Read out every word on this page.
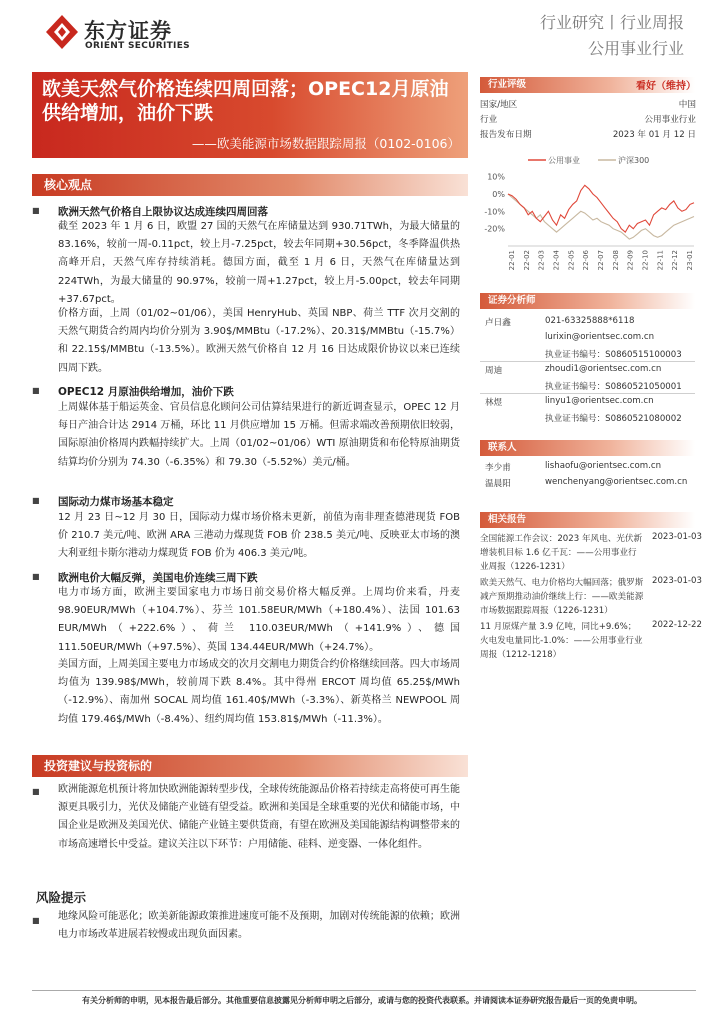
东方证券
ORIENT SECURITIES
行业研究丨行业周报
公用事业行业
欧美天然气价格连续四周回落；OPEC12月原油供给增加，油价下跌
——欧美能源市场数据跟踪周报（0102-0106）
核心观点
■ 欧洲天然气价格自上限协议达成连续四周回落
截至 2023 年 1 月 6 日，欧盟 27 国的天然气在库储量达到 930.71TWh，为最大储量的 83.16%，较前一周-0.11pct，较上月-7.25pct，较去年同期+30.56pct，冬季降温供热高峰开启，天然气库存持续消耗。德国方面，截至 1 月 6 日，天然气在库储量达到 224TWh，为最大储量的 90.97%，较前一周+1.27pct，较上月-5.00pct，较去年同期+37.67pct。
价格方面，上周（01/02~01/06），美国 HenryHub、英国 NBP、荷兰 TTF 次月交割的天然气期货合约周内均价分别为 3.90$/MMBtu（-17.2%）、20.31$/MMBtu（-15.7%）和 22.15$/MMBtu（-13.5%）。欧洲天然气价格自 12 月 16 日达成限价协议以来已连续四周下跌。
■ OPEC12 月原油供给增加，油价下跌
上周媒体基于船运英金、官员信息化顾问公司估算结果进行的新近调查显示，OPEC 12 月每日产油合计达 2914 万桶，环比 11 月供应增加 15 万桶。但需求端改善预期依旧较弱，国际原油价格周内跌幅持续扩大。上周（01/02~01/06）WTI 原油期货和布伦特原油期货结算均价分别为 74.30（-6.35%）和 79.30（-5.52%）美元/桶。
■ 国际动力煤市场基本稳定
12 月 23 日~12 月 30 日，国际动力煤市场价格未更新，前值为南非理查德港现货 FOB 价 210.7 美元/吨、欧洲 ARA 三港动力煤现货 FOB 价 238.5 美元/吨、反映亚太市场的澳大利亚纽卡斯尔港动力煤现货 FOB 价为 406.3 美元/吨。
■ 欧洲电价大幅反弹，美国电价连续三周下跌
电力市场方面，欧洲主要国家电力市场日前交易价格大幅反弹。上周均价来看，丹麦 98.90EUR/MWh（+104.7%）、芬兰 101.58EUR/MWh（+180.4%）、法国 101.63 EUR/MWh（+222.6%）、荷兰 110.03EUR/MWh（+141.9%）、德国 111.50EUR/MWh（+97.5%）、英国 134.44EUR/MWh（+24.7%）。
美国方面，上周美国主要电力市场成交的次月交割电力期货合约价格继续回落。四大市场周均值为 139.98$/MWh，较前周下跌 8.4%。其中得州 ERCOT 周均值 65.25$/MWh（-12.9%）、南加州 SOCAL 周均值 161.40$/MWh（-3.3%）、新英格兰 NEWPOOL 周均值 179.46$/MWh（-8.4%）、纽约周均值 153.81$/MWh（-11.3%）。
投资建议与投资标的
欧洲能源危机预计将加快欧洲能源转型步伐，全球传统能源品价格若持续走高将使可再生能源更具吸引力，光伏及储能产业链有望受益。欧洲和美国是全球重要的光伏和储能市场，中国企业是欧洲及美国光伏、储能产业链主要供货商，有望在欧洲及美国能源结构调整带来的市场高速增长中受益。建议关注以下环节：户用储能、硅料、逆变器、一体化组件。
风险提示
地缘风险可能恶化；欧美新能源政策推进速度可能不及预期，加剧对传统能源的依赖；欧洲电力市场改革进展若较慢或出现负面因素。
行业评级	看好（维持）
国家/地区	中国
行业	公用事业行业
报告发布日期	2023 年 01 月 12 日
公用事业	沪深300
10%
0%
-10%
-20%
22-01 22-02 22-03 22-04 22-05 22-06 22-07 22-08 22-09 22-10 22-11 22-12 23-01
证券分析师
卢日鑫	021-63325888*6118
lurixin@orientsec.com.cn
执业证书编号：S0860515100003
周迪	zhoudi1@orientsec.com.cn
执业证书编号：S0860521050001
林煜	linyu1@orientsec.com.cn
执业证书编号：S0860521080002
联系人
李少甫	lishaofu@orientsec.com.cn
温晨阳	wenchenyang@orientsec.com.cn
相关报告
全国能源工作会议：2023 年风电、光伏新增装机目标 1.6 亿千瓦：——公用事业行业周报（1226-1231）
2023-01-03
欧美天然气、电力价格均大幅回落；俄罗斯减产预期推动油价继续上行：——欧美能源市场数据跟踪周报（1226-1231）
2023-01-03
11 月原煤产量 3.9 亿吨，同比+9.6%；火电发电量同比-1.0%：——公用事业行业周报（1212-1218）
2022-12-22
有关分析师的申明，见本报告最后部分。其他重要信息披露见分析师申明之后部分，或请与您的投资代表联系。并请阅读本证券研究报告最后一页的免责申明。
